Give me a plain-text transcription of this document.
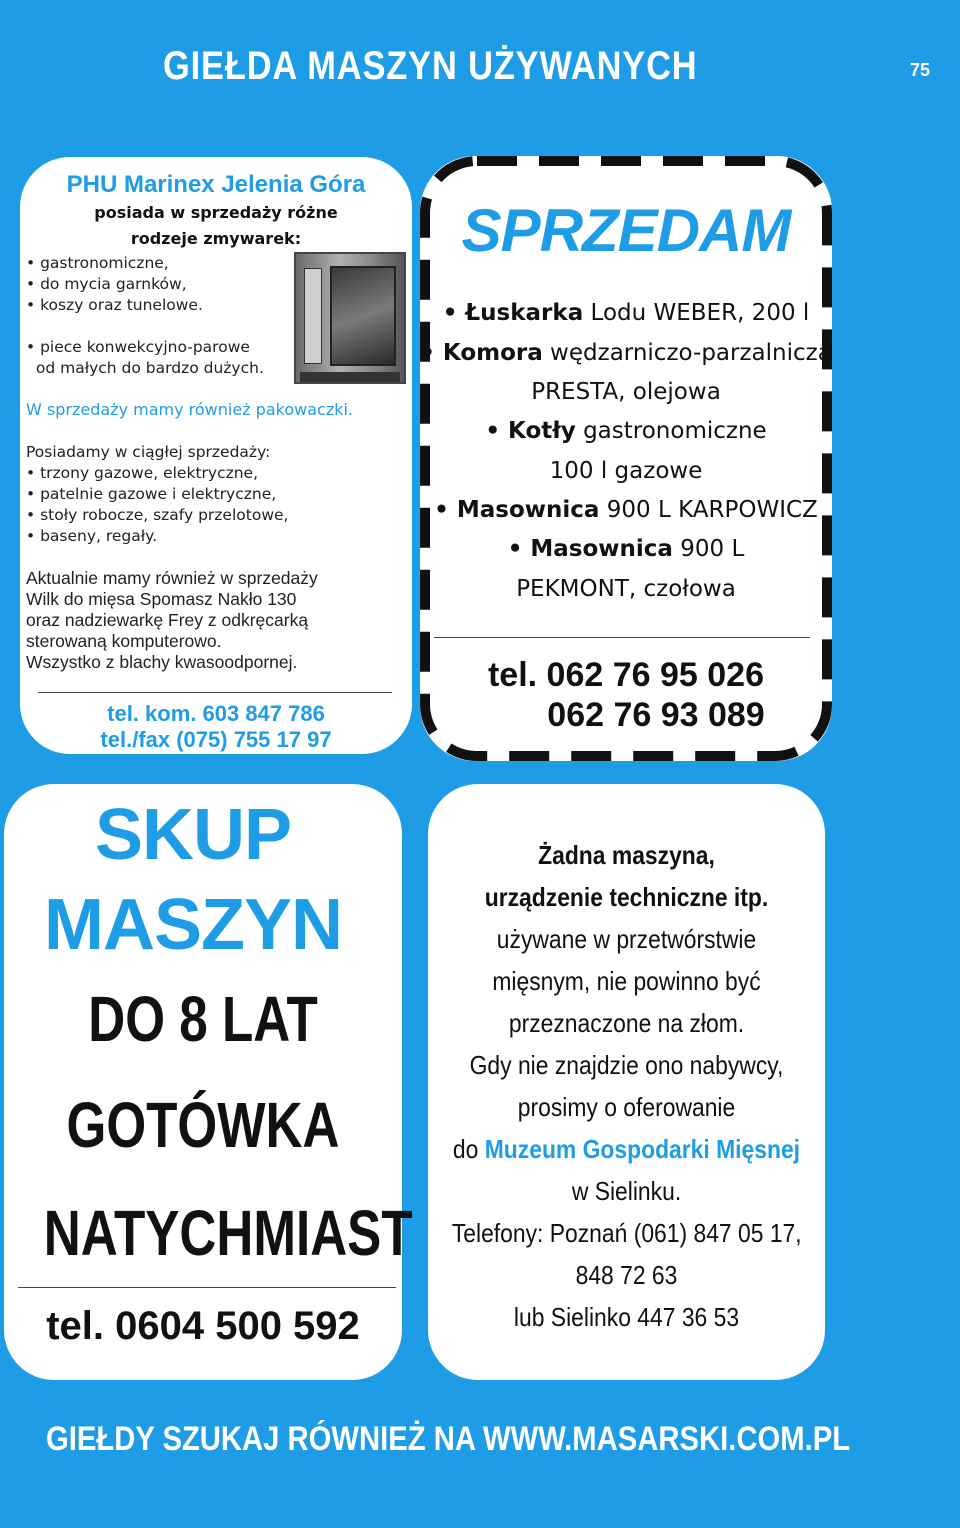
GIEŁDA MASZYN UŻYWANYCH	75
PHU Marinex Jelenia Góra
posiada w sprzedaży różne
rodzeje zmywarek:
• gastronomiczne,
• do mycia garnków,
• koszy oraz tunelowe.
• piece konwekcyjno-parowe
od małych do bardzo dużych.
W sprzedaży mamy również pakowaczki.
Posiadamy w ciągłej sprzedaży:
• trzony gazowe, elektryczne,
• patelnie gazowe i elektryczne,
• stoły robocze, szafy przelotowe,
• baseny, regały.
Aktualnie mamy również w sprzedaży
Wilk do mięsa Spomasz Nakło 130
oraz nadziewarkę Frey z odkręcarką
sterowaną komputerowo.
Wszystko z blachy kwasoodpornej.
tel. kom. 603 847 786
tel./fax (075) 755 17 97
SPRZEDAM
• Łuskarka Lodu WEBER, 200 l
• Komora wędzarniczo-parzalnicza
PRESTA, olejowa
• Kotły gastronomiczne
100 l gazowe
• Masownica 900 L KARPOWICZ
• Masownica 900 L
PEKMONT, czołowa
tel. 062 76 95 026
062 76 93 089
SKUP
MASZYN
DO 8 LAT
GOTÓWKA
NATYCHMIAST
tel. 0604 500 592
Żadna maszyna,
urządzenie techniczne itp.
używane w przetwórstwie
mięsnym, nie powinno być
przeznaczone na złom.
Gdy nie znajdzie ono nabywcy,
prosimy o oferowanie
do Muzeum Gospodarki Mięsnej
w Sielinku.
Telefony: Poznań (061) 847 05 17,
848 72 63
lub Sielinko 447 36 53
GIEŁDY SZUKAJ RÓWNIEŻ NA WWW.MASARSKI.COM.PL
